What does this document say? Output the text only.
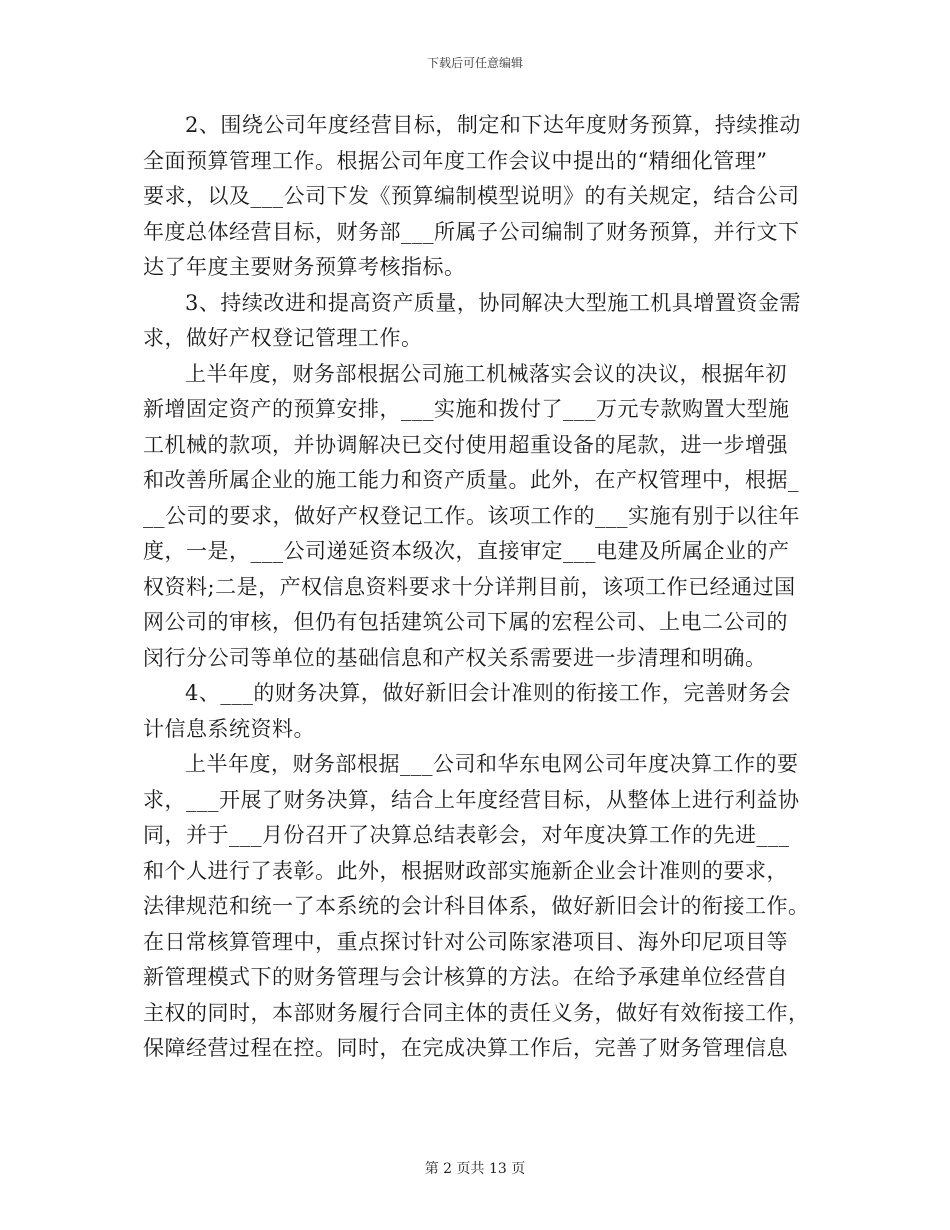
下载后可任意编辑
2、围绕公司年度经营目标，制定和下达年度财务预算，持续推动
全面预算管理工作。根据公司年度工作会议中提出的“精细化管理”
要求，以及___公司下发《预算编制模型说明》的有关规定，结合公司
年度总体经营目标，财务部___所属子公司编制了财务预算，并行文下
达了年度主要财务预算考核指标。
3、持续改进和提高资产质量，协同解决大型施工机具增置资金需
求，做好产权登记管理工作。
上半年度，财务部根据公司施工机械落实会议的决议，根据年初
新增固定资产的预算安排，___实施和拨付了___万元专款购置大型施
工机械的款项，并协调解决已交付使用超重设备的尾款，进一步增强
和改善所属企业的施工能力和资产质量。此外，在产权管理中，根据_
__公司的要求，做好产权登记工作。该项工作的___实施有别于以往年
度，一是，___公司递延资本级次，直接审定___电建及所属企业的产
权资料;二是，产权信息资料要求十分详荆目前，该项工作已经通过国
网公司的审核，但仍有包括建筑公司下属的宏程公司、上电二公司的
闵行分公司等单位的基础信息和产权关系需要进一步清理和明确。
4、___的财务决算，做好新旧会计准则的衔接工作，完善财务会
计信息系统资料。
上半年度，财务部根据___公司和华东电网公司年度决算工作的要
求，___开展了财务决算，结合上年度经营目标，从整体上进行利益协
同，并于___月份召开了决算总结表彰会，对年度决算工作的先进___
和个人进行了表彰。此外，根据财政部实施新企业会计准则的要求，
法律规范和统一了本系统的会计科目体系，做好新旧会计的衔接工作。
在日常核算管理中，重点探讨针对公司陈家港项目、海外印尼项目等
新管理模式下的财务管理与会计核算的方法。在给予承建单位经营自
主权的同时，本部财务履行合同主体的责任义务，做好有效衔接工作，
保障经营过程在控。同时，在完成决算工作后，完善了财务管理信息
第 2 页共 13 页
